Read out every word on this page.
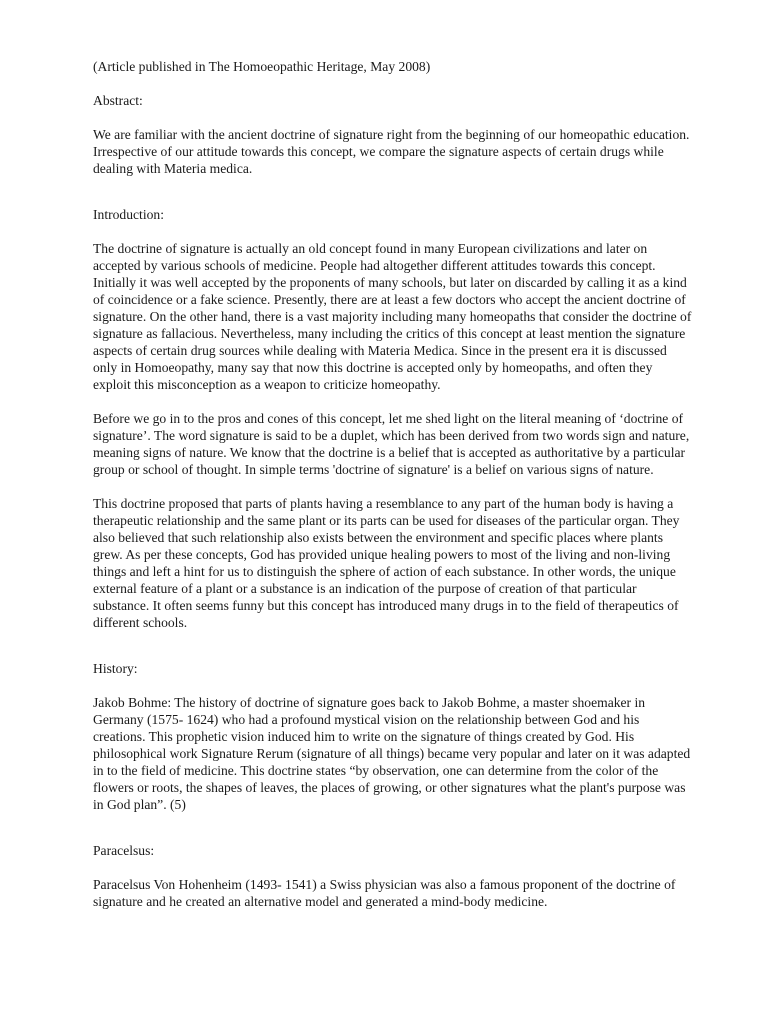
(Article published in The Homoeopathic Heritage, May 2008)

Abstract:

We are familiar with the ancient doctrine of signature right from the beginning of our homeopathic education. Irrespective of our attitude towards this concept, we compare the signature aspects of certain drugs while dealing with Materia medica.

Introduction:

The doctrine of signature is actually an old concept found in many European civilizations and later on accepted by various schools of medicine. People had altogether different attitudes towards this concept. Initially it was well accepted by the proponents of many schools, but later on discarded by calling it as a kind of coincidence or a fake science. Presently, there are at least a few doctors who accept the ancient doctrine of signature. On the other hand, there is a vast majority including many homeopaths that consider the doctrine of signature as fallacious. Nevertheless, many including the critics of this concept at least mention the signature aspects of certain drug sources while dealing with Materia Medica. Since in the present era it is discussed only in Homoeopathy, many say that now this doctrine is accepted only by homeopaths, and often they exploit this misconception as a weapon to criticize homeopathy.

Before we go in to the pros and cones of this concept, let me shed light on the literal meaning of ‘doctrine of signature’. The word signature is said to be a duplet, which has been derived from two words sign and nature, meaning signs of nature. We know that the doctrine is a belief that is accepted as authoritative by a particular group or school of thought. In simple terms 'doctrine of signature' is a belief on various signs of nature.

This doctrine proposed that parts of plants having a resemblance to any part of the human body is having a therapeutic relationship and the same plant or its parts can be used for diseases of the particular organ. They also believed that such relationship also exists between the environment and specific places where plants grew. As per these concepts, God has provided unique healing powers to most of the living and non-living things and left a hint for us to distinguish the sphere of action of each substance. In other words, the unique external feature of a plant or a substance is an indication of the purpose of creation of that particular substance. It often seems funny but this concept has introduced many drugs in to the field of therapeutics of different schools.

History:

Jakob Bohme: The history of doctrine of signature goes back to Jakob Bohme, a master shoemaker in Germany (1575- 1624) who had a profound mystical vision on the relationship between God and his creations. This prophetic vision induced him to write on the signature of things created by God. His philosophical work Signature Rerum (signature of all things) became very popular and later on it was adapted in to the field of medicine. This doctrine states “by observation, one can determine from the color of the flowers or roots, the shapes of leaves, the places of growing, or other signatures what the plant's purpose was in God plan”. (5)

Paracelsus:

Paracelsus Von Hohenheim (1493- 1541) a Swiss physician was also a famous proponent of the doctrine of signature and he created an alternative model and generated a mind-body medicine.
